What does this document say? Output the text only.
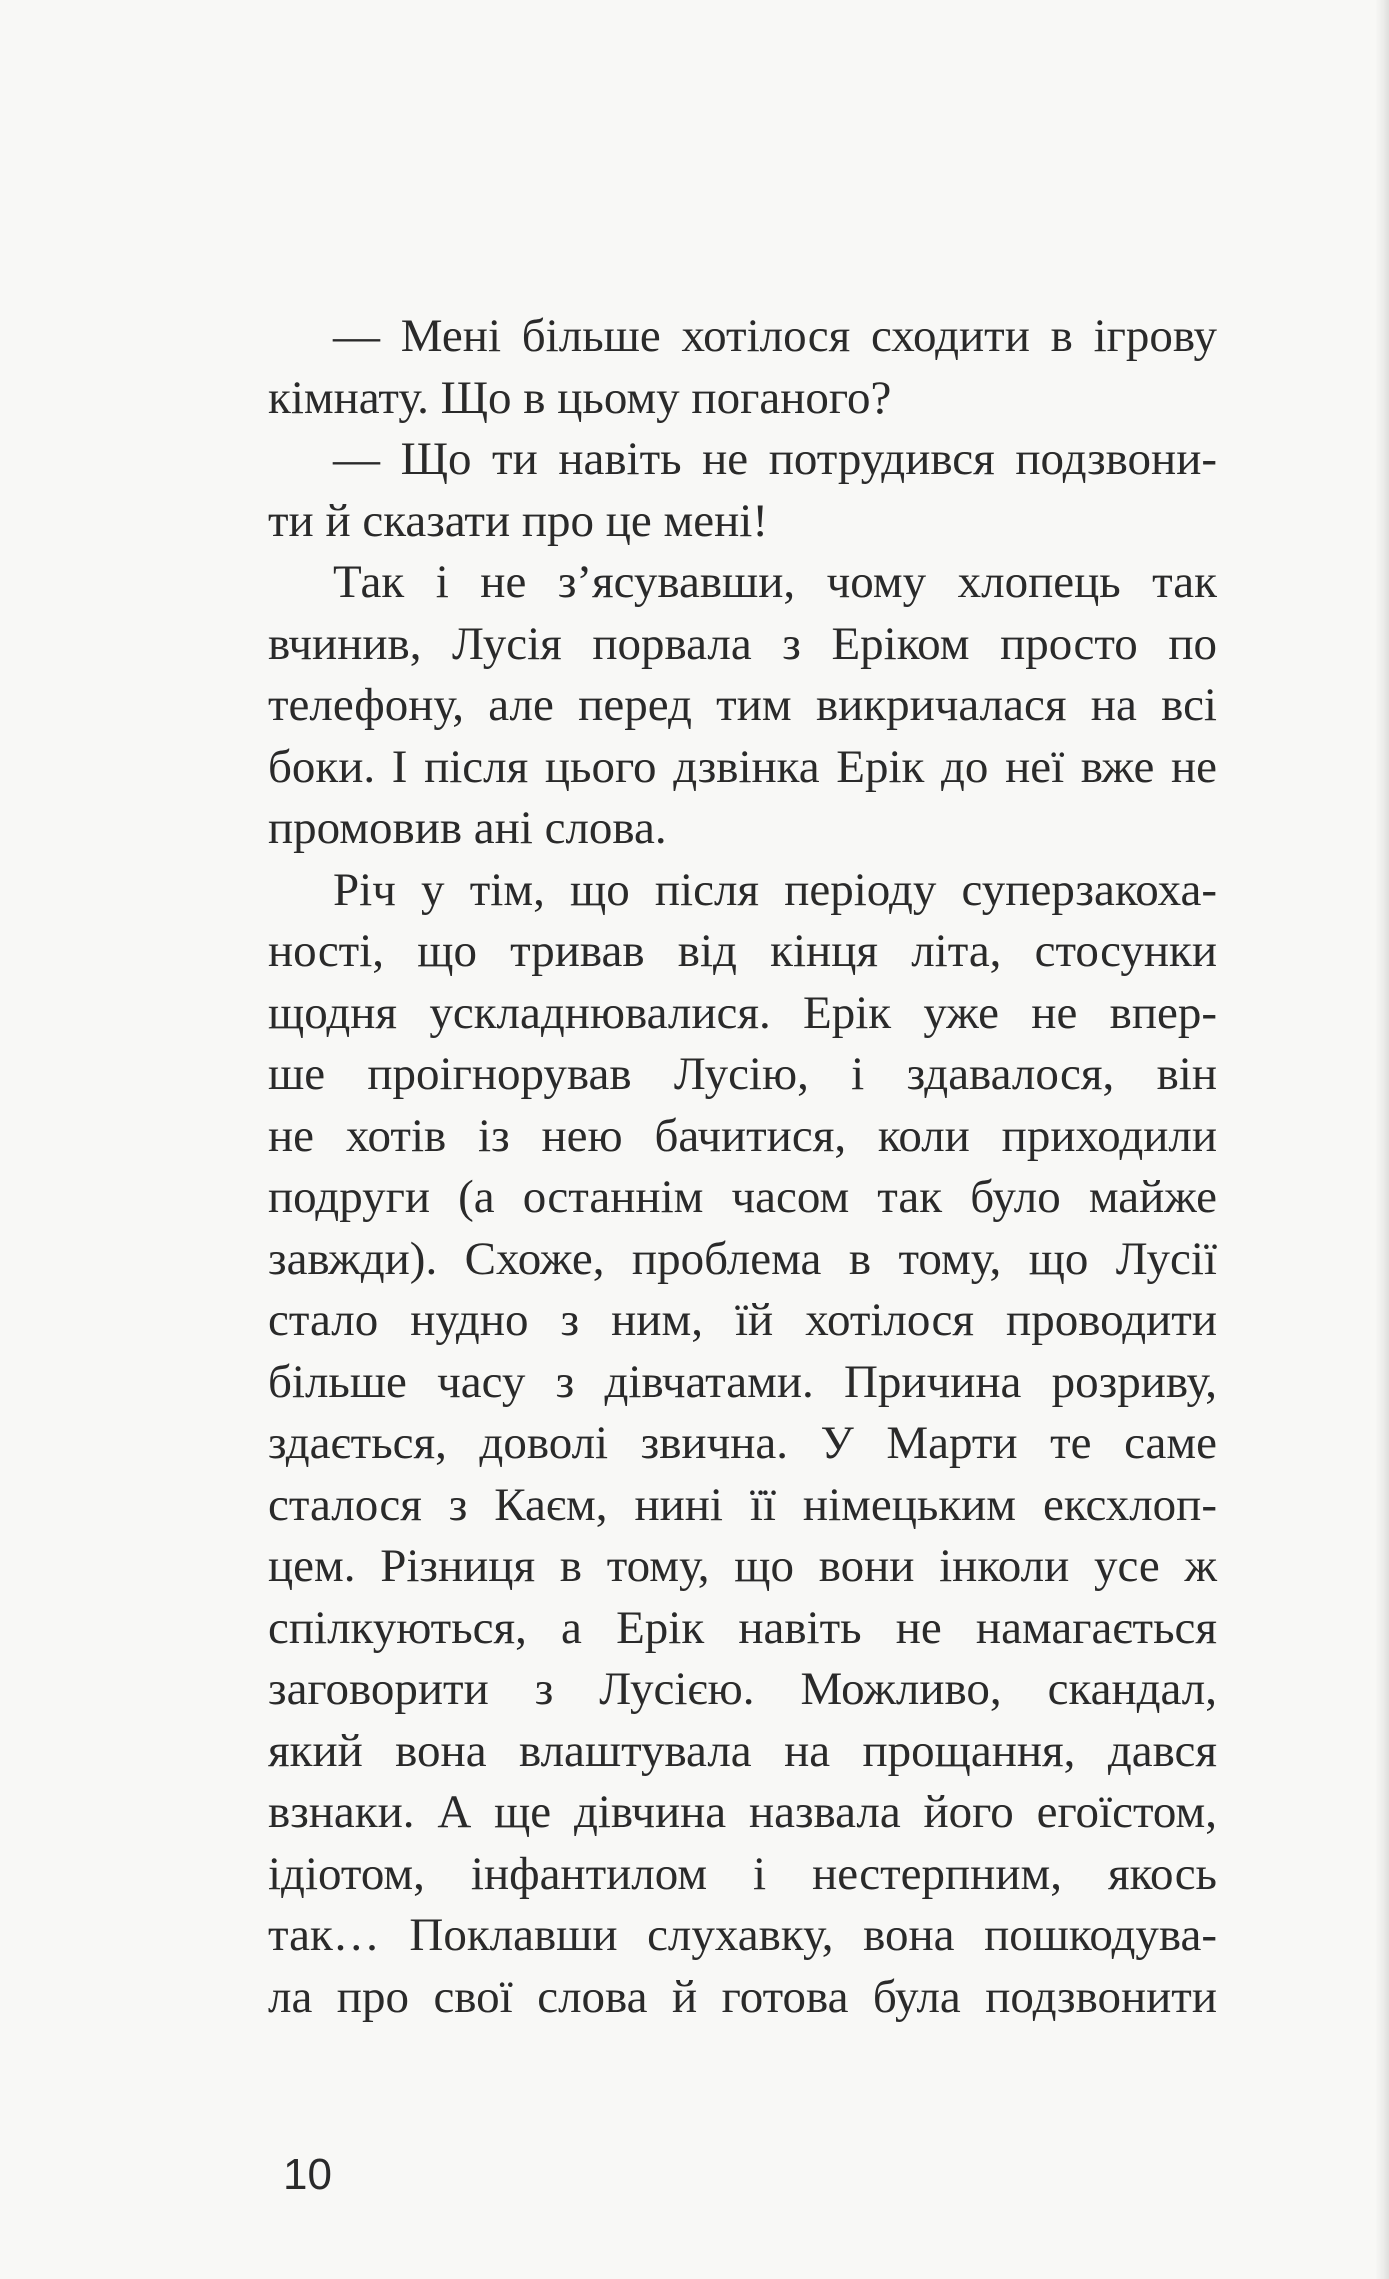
— Мені більше хотілося сходити в ігрову
кімнату. Що в цьому поганого?
— Що ти навіть не потрудився подзвони-
ти й сказати про це мені!
Так і не з’ясувавши, чому хлопець так
вчинив, Лусія порвала з Еріком просто по
телефону, але перед тим викричалася на всі
боки. І після цього дзвінка Ерік до неї вже не
промовив ані слова.
Річ у тім, що після періоду суперзакоха-
ності, що тривав від кінця літа, стосунки
щодня ускладнювалися. Ерік уже не впер-
ше проігнорував Лусію, і здавалося, він
не хотів із нею бачитися, коли приходили
подруги (а останнім часом так було майже
завжди). Схоже, проблема в тому, що Лусії
стало нудно з ним, їй хотілося проводити
більше часу з дівчатами. Причина розриву,
здається, доволі звична. У Марти те саме
сталося з Каєм, нині її німецьким ексхлоп-
цем. Різниця в тому, що вони інколи усе ж
спілкуються, а Ерік навіть не намагається
заговорити з Лусією. Можливо, скандал,
який вона влаштувала на прощання, дався
взнаки. А ще дівчина назвала його егоїстом,
ідіотом, інфантилом і нестерпним, якось
так… Поклавши слухавку, вона пошкодува-
ла про свої слова й готова була подзвонити
10
